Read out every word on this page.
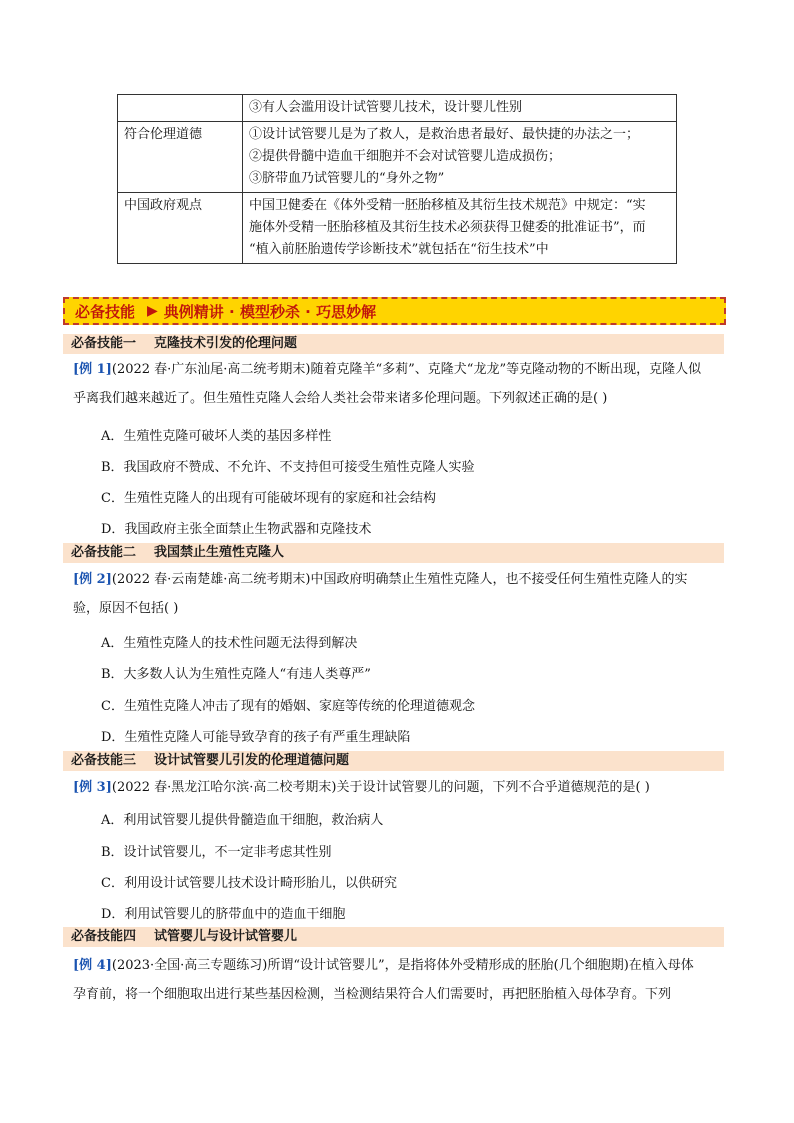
	③有人会滥用设计试管婴儿技术，设计婴儿性别

符合伦理道德	①设计试管婴儿是为了救人，是救治患者最好、最快捷的办法之一；
②提供骨髓中造血干细胞并不会对试管婴儿造成损伤；
③脐带血乃试管婴儿的“身外之物”

中国政府观点	中国卫健委在《体外受精一胚胎移植及其衍生技术规范》中规定：“实
施体外受精一胚胎移植及其衍生技术必须获得卫健委的批准证书”，而
“植入前胚胎遗传学诊断技术”就包括在“衍生技术”中
必备技能 ▶ 典例精讲 · 模型秒杀 · 巧思妙解
必备技能一 克隆技术引发的伦理问题
[例 1](2022 春·广东汕尾·高二统考期末)随着克隆羊“多莉”、克隆犬“龙龙”等克隆动物的不断出现，克隆人似
乎离我们越来越近了。但生殖性克隆人会给人类社会带来诸多伦理问题。下列叙述正确的是( )
A．生殖性克隆可破坏人类的基因多样性
B．我国政府不赞成、不允许、不支持但可接受生殖性克隆人实验
C．生殖性克隆人的出现有可能破坏现有的家庭和社会结构
D．我国政府主张全面禁止生物武器和克隆技术
必备技能二 我国禁止生殖性克隆人
[例 2](2022 春·云南楚雄·高二统考期末)中国政府明确禁止生殖性克隆人，也不接受任何生殖性克隆人的实
验，原因不包括( )
A．生殖性克隆人的技术性问题无法得到解决
B．大多数人认为生殖性克隆人“有违人类尊严”
C．生殖性克隆人冲击了现有的婚姻、家庭等传统的伦理道德观念
D．生殖性克隆人可能导致孕育的孩子有严重生理缺陷
必备技能三 设计试管婴儿引发的伦理道德问题
[例 3](2022 春·黑龙江哈尔滨·高二校考期末)关于设计试管婴儿的问题，下列不合乎道德规范的是( )
A．利用试管婴儿提供骨髓造血干细胞，救治病人
B．设计试管婴儿，不一定非考虑其性别
C．利用设计试管婴儿技术设计畸形胎儿，以供研究
D．利用试管婴儿的脐带血中的造血干细胞
必备技能四 试管婴儿与设计试管婴儿
[例 4](2023·全国·高三专题练习)所谓“设计试管婴儿”，是指将体外受精形成的胚胎(几个细胞期)在植入母体
孕育前，将一个细胞取出进行某些基因检测，当检测结果符合人们需要时，再把胚胎植入母体孕育。下列
